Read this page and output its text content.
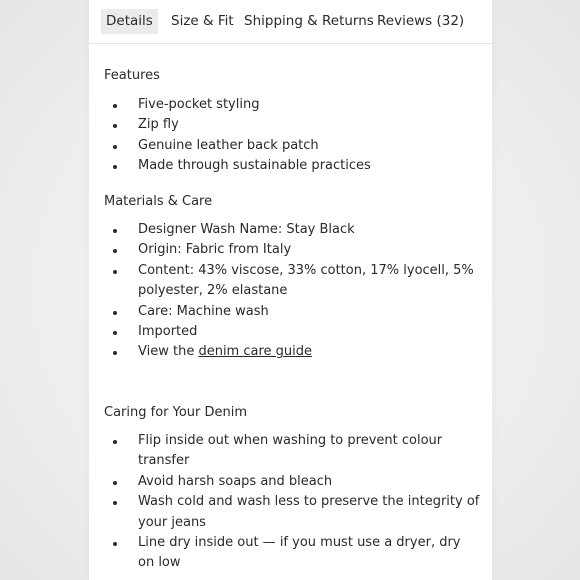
Details	Size & Fit Shipping & Returns Reviews (32)
Features
Five-pocket styling
Zip fly
Genuine leather back patch
Made through sustainable practices
Materials & Care
Designer Wash Name: Stay Black
Origin: Fabric from Italy
Content: 43% viscose, 33% cotton, 17% lyocell, 5% polyester, 2% elastane
Care: Machine wash
Imported
View the denim care guide
Caring for Your Denim
Flip inside out when washing to prevent colour transfer
Avoid harsh soaps and bleach
Wash cold and wash less to preserve the integrity of your jeans
Line dry inside out — if you must use a dryer, dry on low
